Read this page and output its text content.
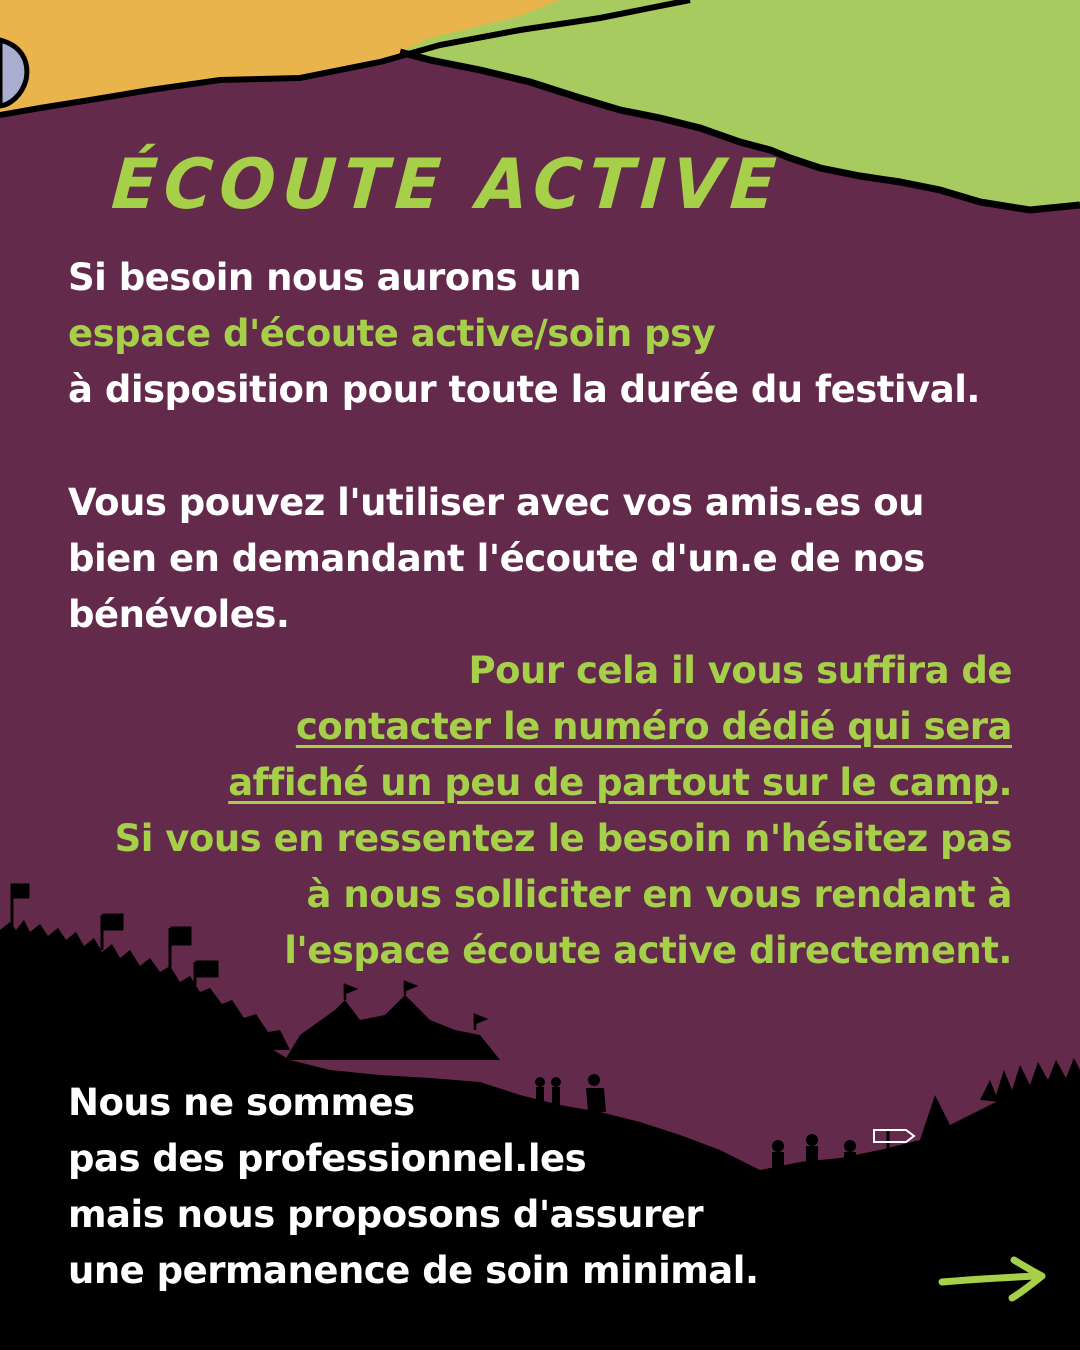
ÉCOUTE ACTIVE
Si besoin nous aurons un
espace d'écoute active/soin psy
à disposition pour toute la durée du festival.
Vous pouvez l'utiliser avec vos amis.es ou
bien en demandant l'écoute d'un.e de nos
bénévoles.
Pour cela il vous suffira de
contacter le numéro dédié qui sera
affiché un peu de partout sur le camp.
Si vous en ressentez le besoin n'hésitez pas
à nous solliciter en vous rendant à
l'espace écoute active directement.
Nous ne sommes
pas des professionnel.les
mais nous proposons d'assurer
une permanence de soin minimal.
